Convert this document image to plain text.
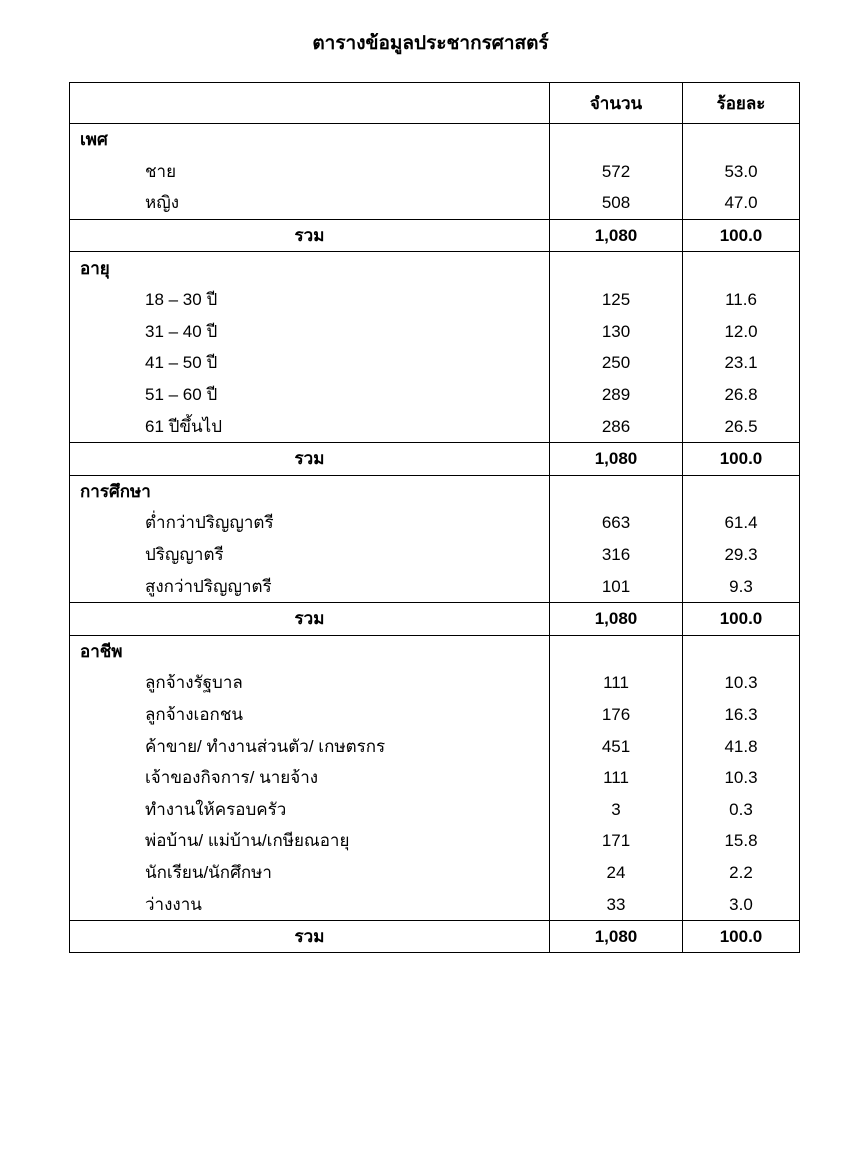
ตารางข้อมูลประชากรศาสตร์
	จำนวน	ร้อยละ
เพศ		
ชาย	572	53.0
หญิง	508	47.0
รวม	1,080	100.0
อายุ		
18 – 30 ปี	125	11.6
31 – 40 ปี	130	12.0
41 – 50 ปี	250	23.1
51 – 60 ปี	289	26.8
61 ปีขึ้นไป	286	26.5
รวม	1,080	100.0
การศึกษา		
ต่ำกว่าปริญญาตรี	663	61.4
ปริญญาตรี	316	29.3
สูงกว่าปริญญาตรี	101	9.3
รวม	1,080	100.0
อาชีพ		
ลูกจ้างรัฐบาล	111	10.3
ลูกจ้างเอกชน	176	16.3
ค้าขาย/ ทำงานส่วนตัว/ เกษตรกร	451	41.8
เจ้าของกิจการ/ นายจ้าง	111	10.3
ทำงานให้ครอบครัว	3	0.3
พ่อบ้าน/ แม่บ้าน/เกษียณอายุ	171	15.8
นักเรียน/นักศึกษา	24	2.2
ว่างงาน	33	3.0
รวม	1,080	100.0
